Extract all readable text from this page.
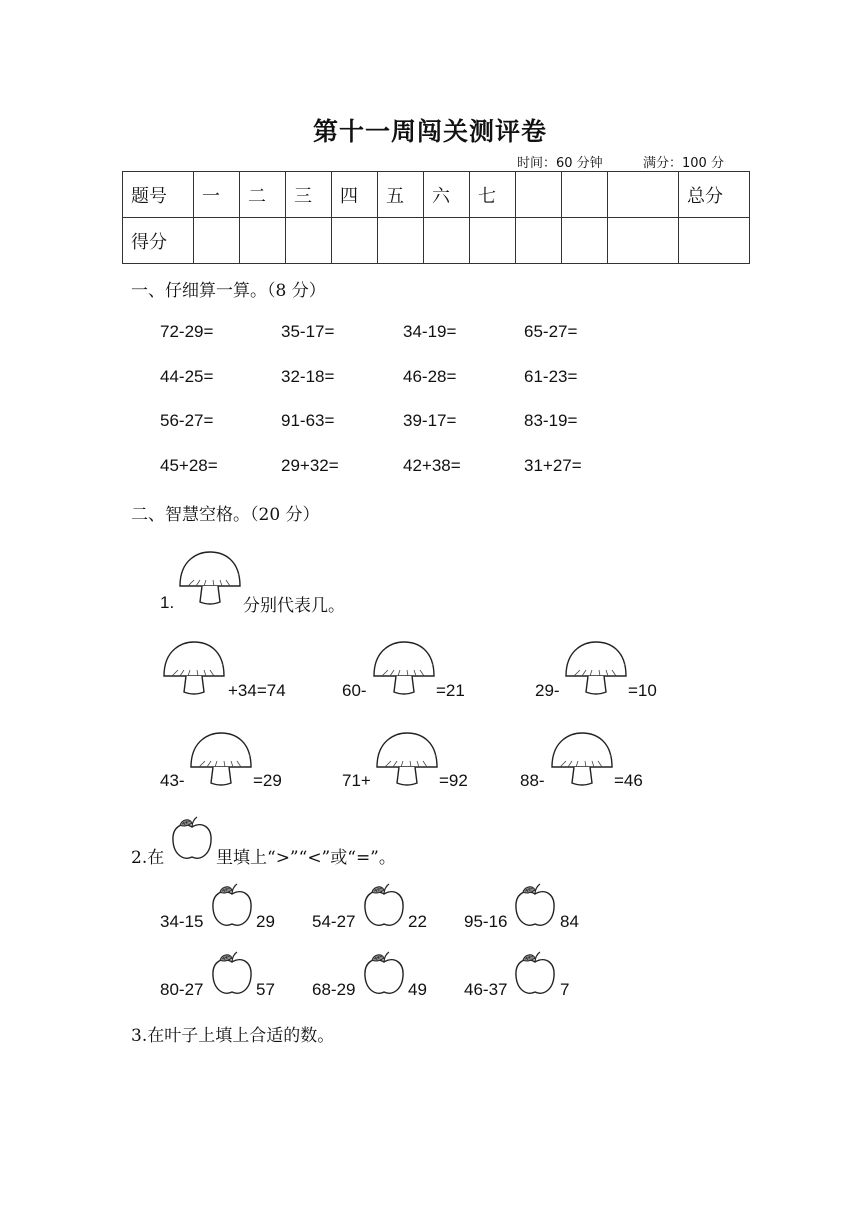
第十一周闯关测评卷
时间：60 分钟	满分：100 分
题号	一	二	三	四	五	六	七				总分
得分											
一、仔细算一算。（8 分）
72-29=	35-17=	34-19=	65-27=
44-25=	32-18=	46-28=	61-23=
56-27=	91-63=	39-17=	83-19=
45+28=	29+32=	42+38=	31+27=
二、智慧空格。（20 分）
1.	分别代表几。
+34=74	60-	=21	29-	=10
43-	=29	71+	=92	88-	=46
2.在	里填上“>”“<”或“=”。
34-15	29 54-27	22 95-16	84
80-27	57 68-29	49 46-37	7
3.在叶子上填上合适的数。
